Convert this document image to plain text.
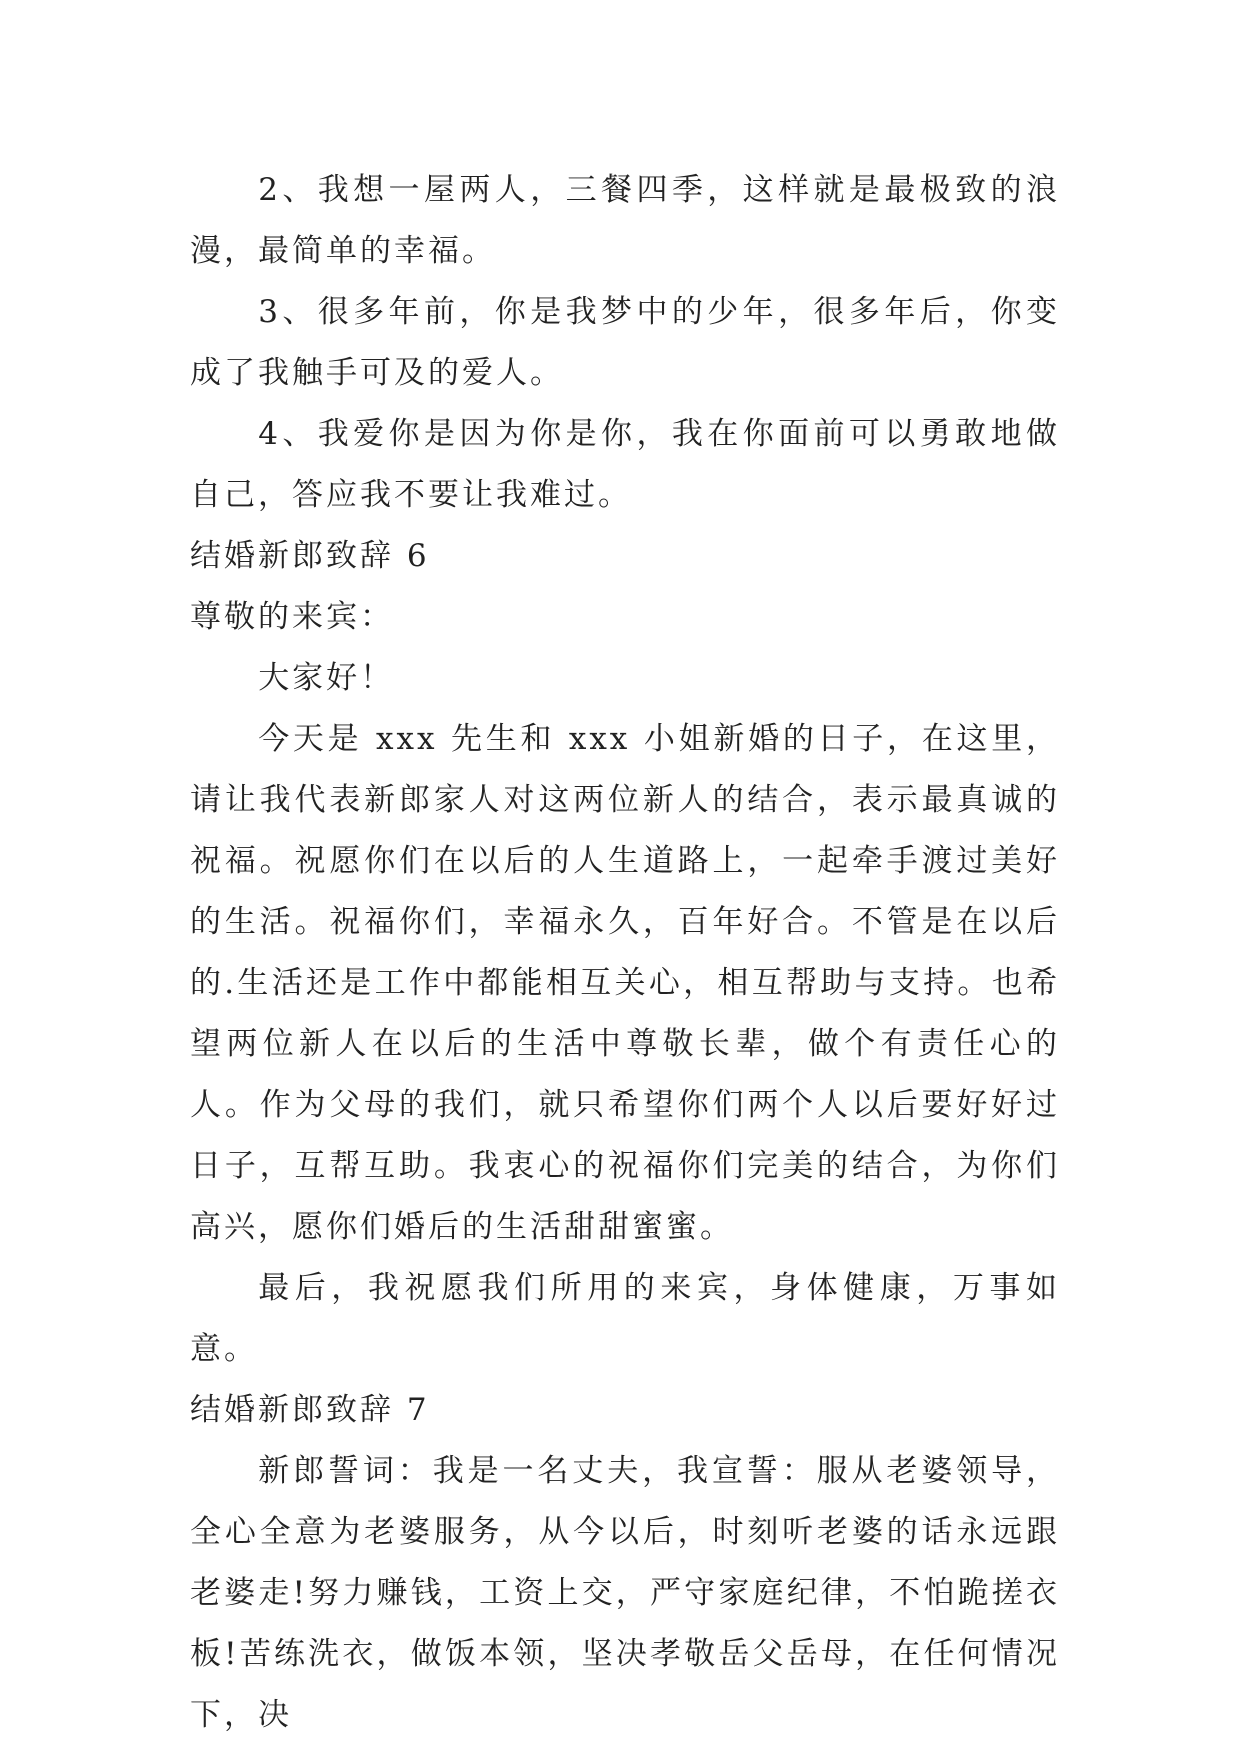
2、我想一屋两人，三餐四季，这样就是最极致的浪漫，最简单的幸福。

3、很多年前，你是我梦中的少年，很多年后，你变成了我触手可及的爱人。

4、我爱你是因为你是你，我在你面前可以勇敢地做自己，答应我不要让我难过。

结婚新郎致辞 6

尊敬的来宾：

大家好！

今天是 xxx 先生和 xxx 小姐新婚的日子，在这里，请让我代表新郎家人对这两位新人的结合，表示最真诚的祝福。祝愿你们在以后的人生道路上，一起牵手渡过美好的生活。祝福你们，幸福永久，百年好合。不管是在以后的.生活还是工作中都能相互关心，相互帮助与支持。也希望两位新人在以后的生活中尊敬长辈，做个有责任心的人。作为父母的我们，就只希望你们两个人以后要好好过日子，互帮互助。我衷心的祝福你们完美的结合，为你们高兴，愿你们婚后的生活甜甜蜜蜜。

最后，我祝愿我们所用的来宾，身体健康，万事如意。

结婚新郎致辞 7

新郎誓词：我是一名丈夫，我宣誓：服从老婆领导，全心全意为老婆服务，从今以后，时刻听老婆的话永远跟老婆走!努力赚钱，工资上交，严守家庭纪律，不怕跪搓衣板!苦练洗衣，做饭本领，坚决孝敬岳父岳母，在任何情况下，决
